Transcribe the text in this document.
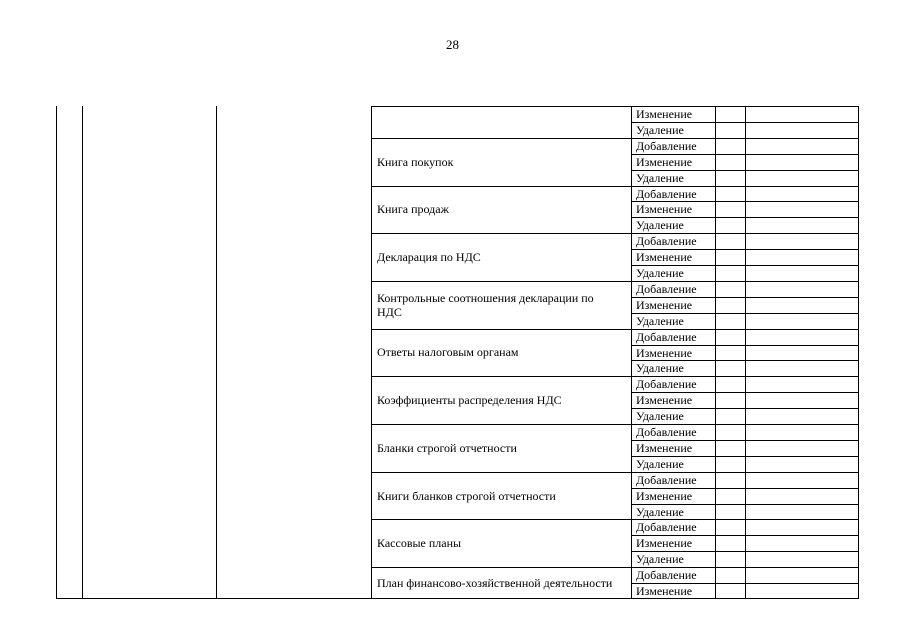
28
Книга покупок
Книга продаж
Декларация по НДС
Контрольные соотношения декларации по НДС
Ответы налоговым органам
Коэффициенты распределения НДС
Бланки строгой отчетности
Книги бланков строгой отчетности
Кассовые планы
План финансово-хозяйственной деятельности
Изменение
Удаление
Добавление
Изменение
Удаление
Добавление
Изменение
Удаление
Добавление
Изменение
Удаление
Добавление
Изменение
Удаление
Добавление
Изменение
Удаление
Добавление
Изменение
Удаление
Добавление
Изменение
Удаление
Добавление
Изменение
Удаление
Добавление
Изменение
Удаление
Добавление
Изменение
